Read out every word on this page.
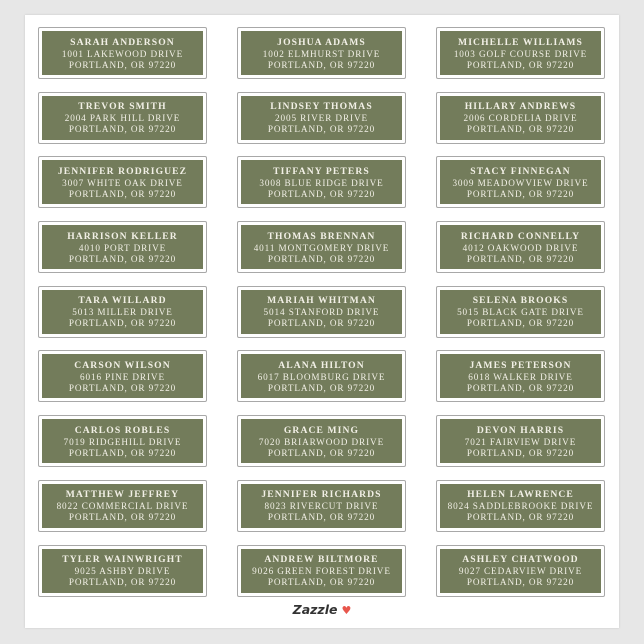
SARAH ANDERSON
1001 LAKEWOOD DRIVE
PORTLAND, OR 97220
JOSHUA ADAMS
1002 ELMHURST DRIVE
PORTLAND, OR 97220
MICHELLE WILLIAMS
1003 GOLF COURSE DRIVE
PORTLAND, OR 97220
TREVOR SMITH
2004 PARK HILL DRIVE
PORTLAND, OR 97220
LINDSEY THOMAS
2005 RIVER DRIVE
PORTLAND, OR 97220
HILLARY ANDREWS
2006 CORDELIA DRIVE
PORTLAND, OR 97220
JENNIFER RODRIGUEZ
3007 WHITE OAK DRIVE
PORTLAND, OR 97220
TIFFANY PETERS
3008 BLUE RIDGE DRIVE
PORTLAND, OR 97220
STACY FINNEGAN
3009 MEADOWVIEW DRIVE
PORTLAND, OR 97220
HARRISON KELLER
4010 PORT DRIVE
PORTLAND, OR 97220
THOMAS BRENNAN
4011 MONTGOMERY DRIVE
PORTLAND, OR 97220
RICHARD CONNELLY
4012 OAKWOOD DRIVE
PORTLAND, OR 97220
TARA WILLARD
5013 MILLER DRIVE
PORTLAND, OR 97220
MARIAH WHITMAN
5014 STANFORD DRIVE
PORTLAND, OR 97220
SELENA BROOKS
5015 BLACK GATE DRIVE
PORTLAND, OR 97220
CARSON WILSON
6016 PINE DRIVE
PORTLAND, OR 97220
ALANA HILTON
6017 BLOOMBURG DRIVE
PORTLAND, OR 97220
JAMES PETERSON
6018 WALKER DRIVE
PORTLAND, OR 97220
CARLOS ROBLES
7019 RIDGEHILL DRIVE
PORTLAND, OR 97220
GRACE MING
7020 BRIARWOOD DRIVE
PORTLAND, OR 97220
DEVON HARRIS
7021 FAIRVIEW DRIVE
PORTLAND, OR 97220
MATTHEW JEFFREY
8022 COMMERCIAL DRIVE
PORTLAND, OR 97220
JENNIFER RICHARDS
8023 RIVERCUT DRIVE
PORTLAND, OR 97220
HELEN LAWRENCE
8024 SADDLEBROOKE DRIVE
PORTLAND, OR 97220
TYLER WAINWRIGHT
9025 ASHBY DRIVE
PORTLAND, OR 97220
ANDREW BILTMORE
9026 GREEN FOREST DRIVE
PORTLAND, OR 97220
ASHLEY CHATWOOD
9027 CEDARVIEW DRIVE
PORTLAND, OR 97220
Zazzle ♥
